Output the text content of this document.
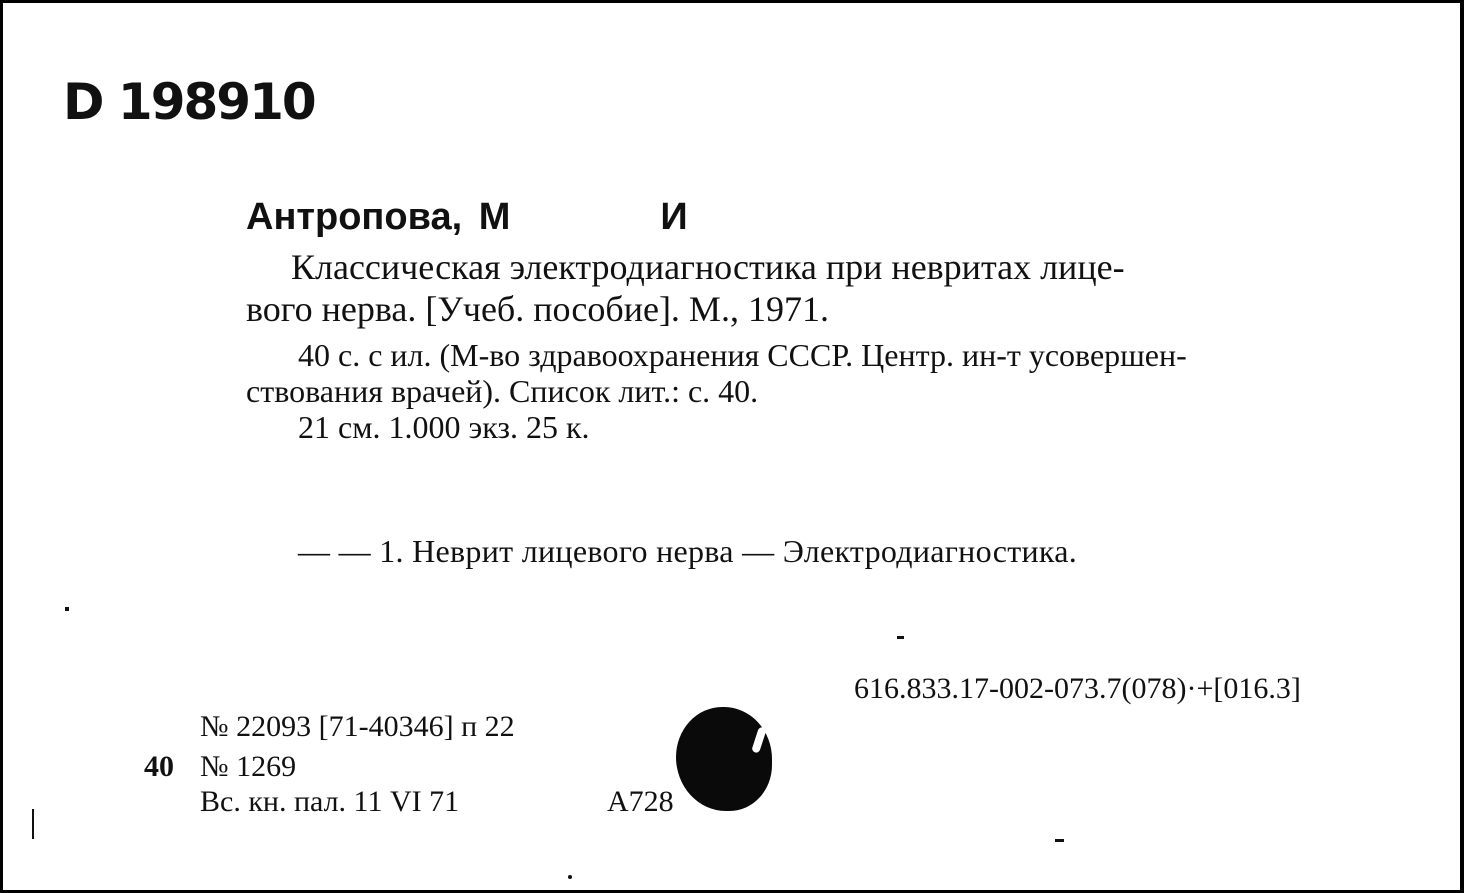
D 198910
Антропова, М	И
Классическая электродиагностика при невритах лице-
вого нерва. [Учеб. пособие]. М., 1971.
40 с. с ил. (М-во здравоохранения СССР. Центр. ин-т усовершен-
ствования врачей). Список лит.: с. 40.
21 см. 1.000 экз. 25 к.
— — 1. Неврит лицевого нерва — Электродиагностика.
616.833.17-002-073.7(078)·+[016.3]
№ 22093 [71-40346] п 22
40 № 1269
Вс. кн. пал. 11 VI 71	А728
